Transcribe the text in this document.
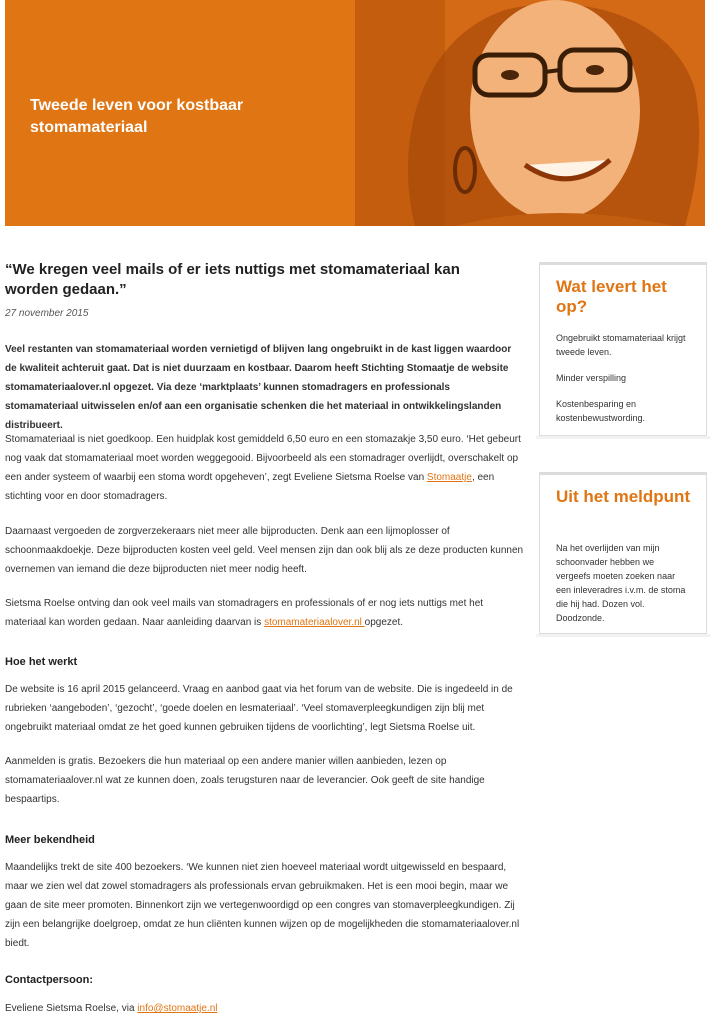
Tweede leven voor kostbaar stomamateriaal
“We kregen veel mails of er iets nuttigs met stomamateriaal kan worden gedaan.”
27 november 2015

Veel restanten van stomamateriaal worden vernietigd of blijven lang ongebruikt in de kast liggen waardoor de kwaliteit achteruit gaat. Dat is niet duurzaam en kostbaar. Daarom heeft Stichting Stomaatje de website stomamateriaalover.nl opgezet. Via deze ‘marktplaats’ kunnen stomadragers en professionals stomamateriaal uitwisselen en/of aan een organisatie schenken die het materiaal in ontwikkelingslanden distribueert.

Stomamateriaal is niet goedkoop. Een huidplak kost gemiddeld 6,50 euro en een stomazakje 3,50 euro. ‘Het gebeurt nog vaak dat stomamateriaal moet worden weggegooid. Bijvoorbeeld als een stomadrager overlijdt, overschakelt op een ander systeem of waarbij een stoma wordt opgeheven’, zegt Eveliene Sietsma Roelse van Stomaatje, een stichting voor en door stomadragers.

Daarnaast vergoeden de zorgverzekeraars niet meer alle bijproducten. Denk aan een lijmoplosser of schoonmaakdoekje. Deze bijproducten kosten veel geld. Veel mensen zijn dan ook blij als ze deze producten kunnen overnemen van iemand die deze bijproducten niet meer nodig heeft.

Sietsma Roelse ontving dan ook veel mails van stomadragers en professionals of er nog iets nuttigs met het materiaal kan worden gedaan. Naar aanleiding daarvan is stomamateriaalover.nl opgezet.

Hoe het werkt

De website is 16 april 2015 gelanceerd. Vraag en aanbod gaat via het forum van de website. Die is ingedeeld in de rubrieken ‘aangeboden’, ‘gezocht’, ‘goede doelen en lesmateriaal’. ‘Veel stomaverpleegkundigen zijn blij met ongebruikt materiaal omdat ze het goed kunnen gebruiken tijdens de voorlichting’, legt Sietsma Roelse uit.

Aanmelden is gratis. Bezoekers die hun materiaal op een andere manier willen aanbieden, lezen op stomamateriaalover.nl wat ze kunnen doen, zoals terugsturen naar de leverancier. Ook geeft de site handige bespaartips.

Meer bekendheid

Maandelijks trekt de site 400 bezoekers. ‘We kunnen niet zien hoeveel materiaal wordt uitgewisseld en bespaard, maar we zien wel dat zowel stomadragers als professionals ervan gebruikmaken. Het is een mooi begin, maar we gaan de site meer promoten. Binnenkort zijn we vertegenwoordigd op een congres van stomaverpleegkundigen. Zij zijn een belangrijke doelgroep, omdat ze hun cliënten kunnen wijzen op de mogelijkheden die stomamateriaalover.nl biedt.

Contactpersoon:

Eveliene Sietsma Roelse, via info@stomaatje.nl

Wat levert het op?
Ongebruikt stomamateriaal krijgt tweede leven.
Minder verspilling
Kostenbesparing en kostenbewustwording.
Uit het meldpunt

Na het overlijden van mijn schoonvader hebben we vergeefs moeten zoeken naar een inleveradres i.v.m. de stoma die hij had. Dozen vol. Doodzonde.
